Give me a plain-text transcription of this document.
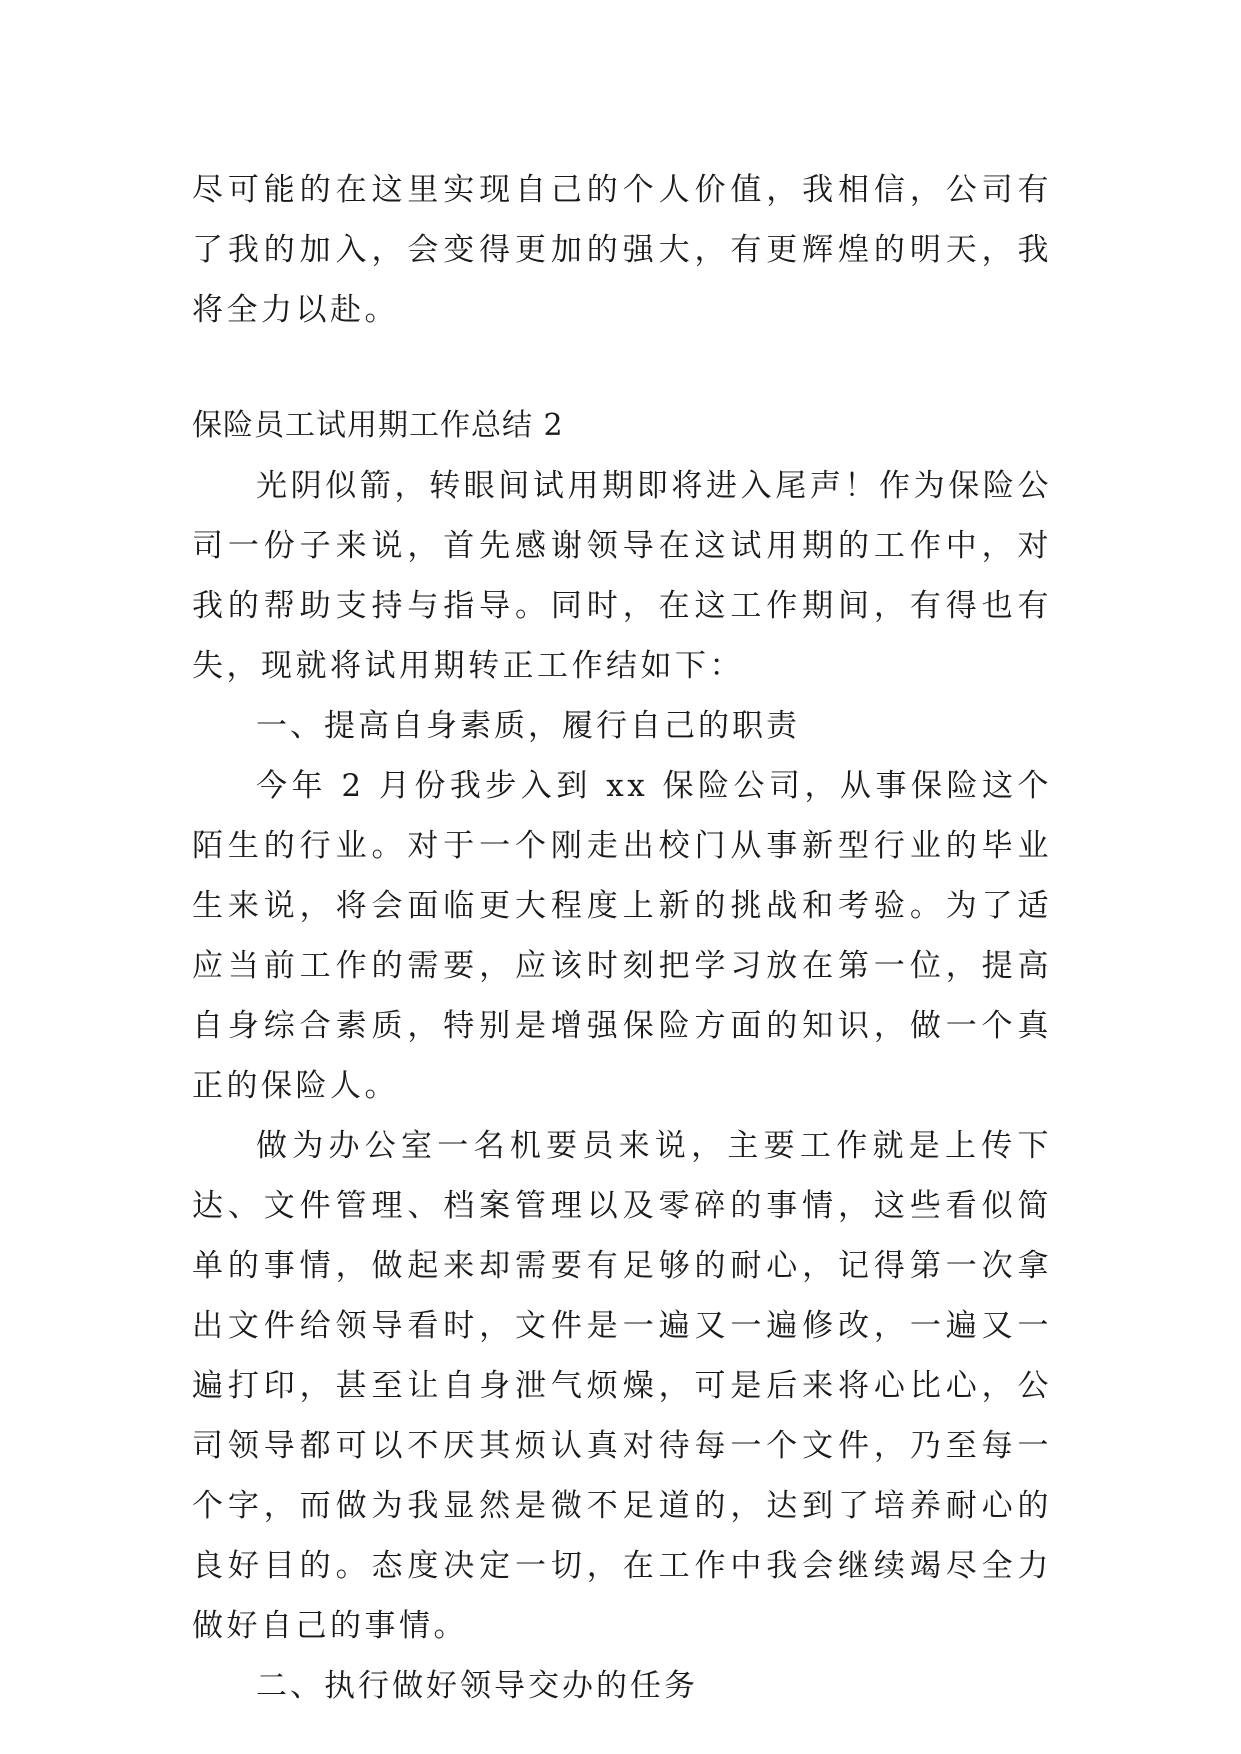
尽可能的在这里实现自己的个人价值，我相信，公司有了我的加入，会变得更加的强大，有更辉煌的明天，我将全力以赴。

保险员工试用期工作总结 2

光阴似箭，转眼间试用期即将进入尾声！作为保险公司一份子来说，首先感谢领导在这试用期的工作中，对我的帮助支持与指导。同时，在这工作期间，有得也有失，现就将试用期转正工作结如下：

一、提高自身素质，履行自己的职责

今年 2 月份我步入到 xx 保险公司，从事保险这个陌生的行业。对于一个刚走出校门从事新型行业的毕业生来说，将会面临更大程度上新的挑战和考验。为了适应当前工作的需要，应该时刻把学习放在第一位，提高自身综合素质，特别是增强保险方面的知识，做一个真正的保险人。

做为办公室一名机要员来说，主要工作就是上传下达、文件管理、档案管理以及零碎的事情，这些看似简单的事情，做起来却需要有足够的耐心，记得第一次拿出文件给领导看时，文件是一遍又一遍修改，一遍又一遍打印，甚至让自身泄气烦燥，可是后来将心比心，公司领导都可以不厌其烦认真对待每一个文件，乃至每一个字，而做为我显然是微不足道的，达到了培养耐心的良好目的。态度决定一切，在工作中我会继续竭尽全力做好自己的事情。

二、执行做好领导交办的任务
